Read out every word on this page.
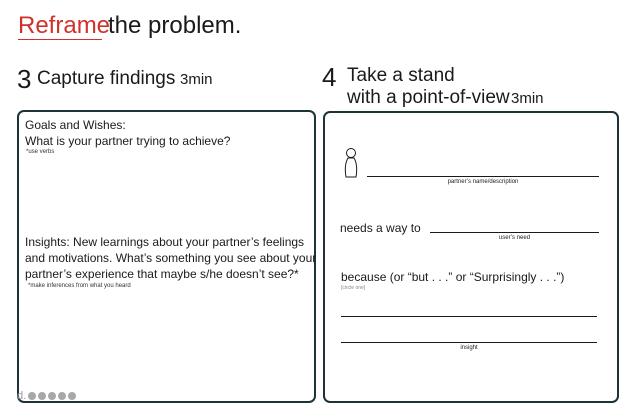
Reframe
the problem.
3 Capture findings 3min	4 Take a stand
with a point-of-view 3min
Goals and Wishes:
What is your partner trying to achieve?
*use verbs
Insights: New learnings about your partner’s feelings
and motivations. What’s something you see about your
partner’s experience that maybe s/he doesn’t see?*
*make inferences from what you heard
partner’s name/description
needs a way to
user’s need
because (or “but . . .” or “Surprisingly . . .”)
[circle one]
insight
d.
